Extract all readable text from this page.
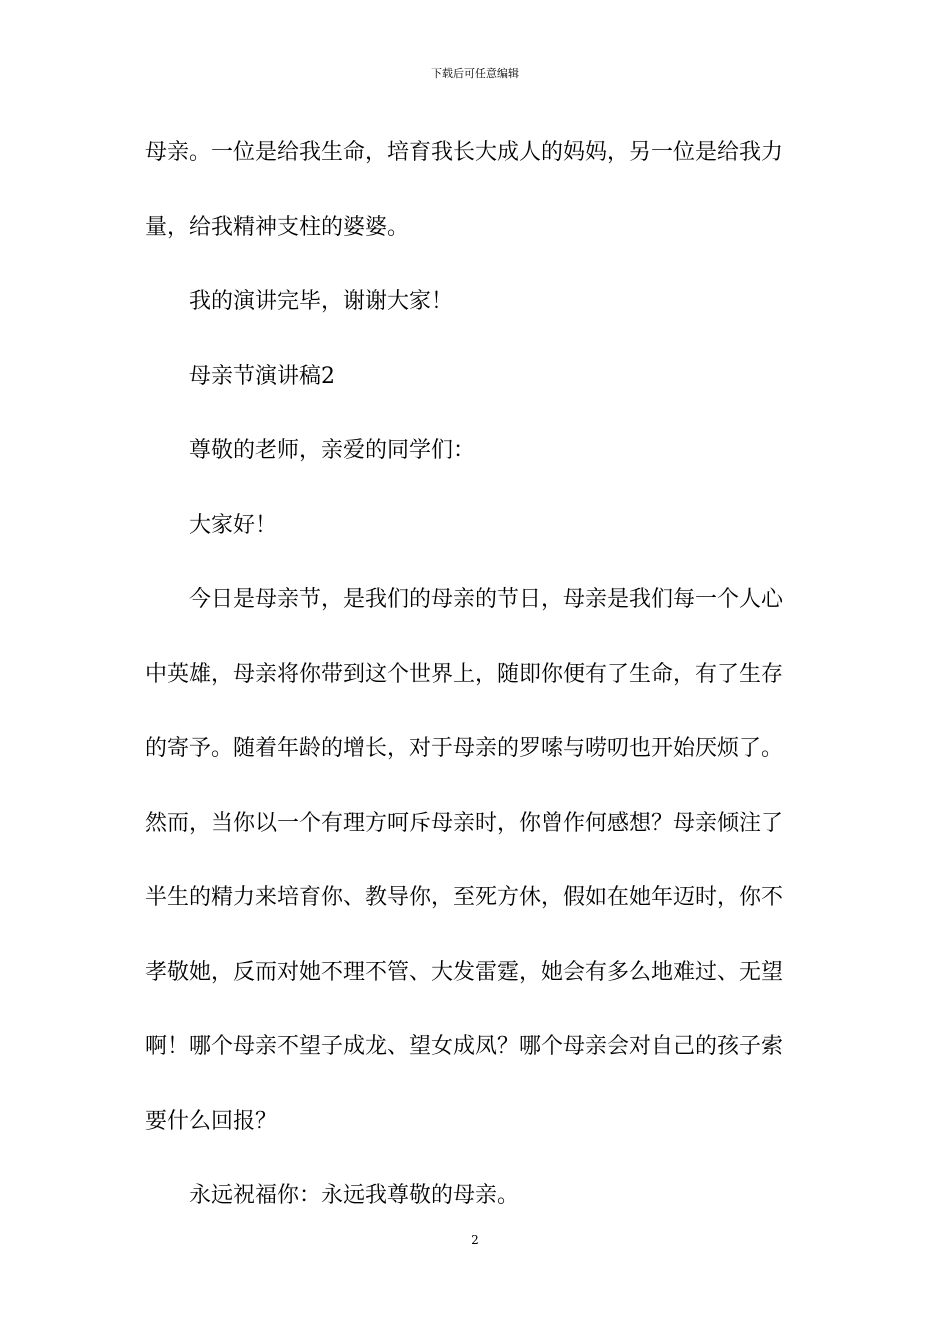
下载后可任意编辑
母亲。一位是给我生命，培育我长大成人的妈妈，另一位是给我力
量，给我精神支柱的婆婆。
我的演讲完毕，谢谢大家！
母亲节演讲稿2
尊敬的老师，亲爱的同学们：
大家好！
今日是母亲节，是我们的母亲的节日，母亲是我们每一个人心
中英雄，母亲将你带到这个世界上，随即你便有了生命，有了生存
的寄予。随着年龄的增长，对于母亲的罗嗦与唠叨也开始厌烦了。
然而，当你以一个有理方呵斥母亲时，你曾作何感想？母亲倾注了
半生的精力来培育你、教导你，至死方休，假如在她年迈时，你不
孝敬她，反而对她不理不管、大发雷霆，她会有多么地难过、无望
啊！哪个母亲不望子成龙、望女成凤？哪个母亲会对自己的孩子索
要什么回报？
永远祝福你：永远我尊敬的母亲。
2
